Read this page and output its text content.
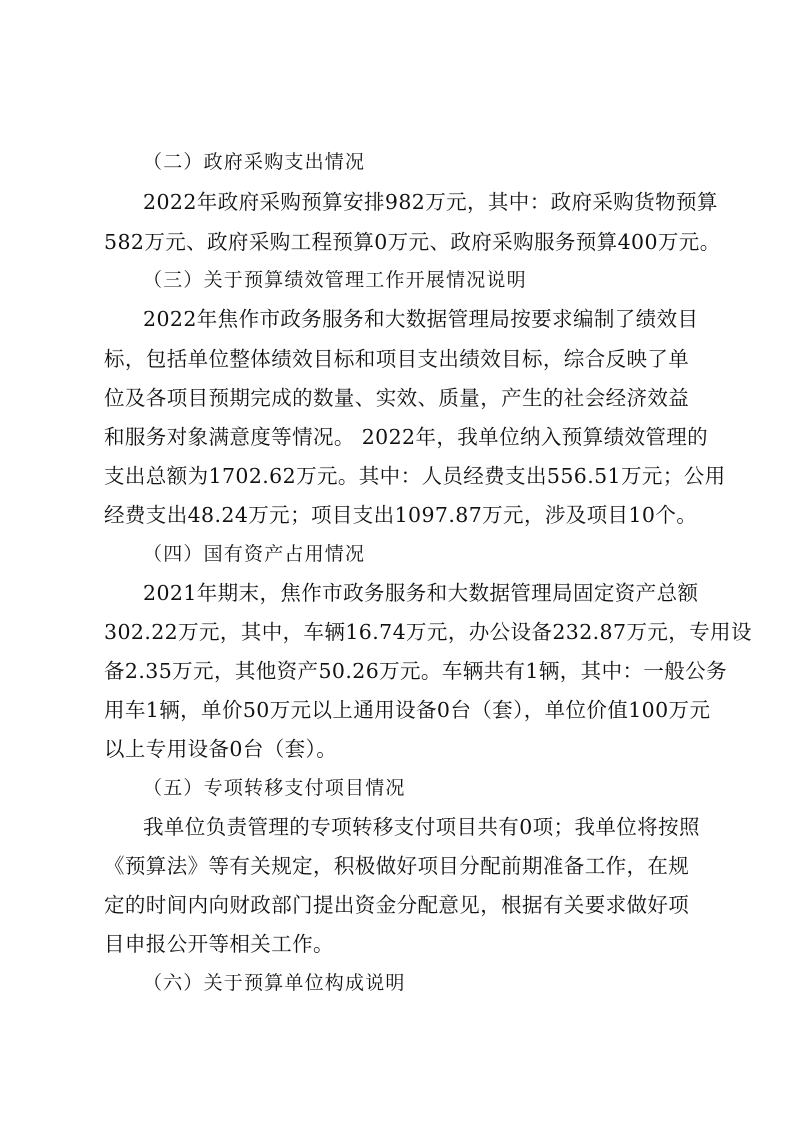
（二）政府采购支出情况
2022年政府采购预算安排982万元，其中：政府采购货物预算
582万元、政府采购工程预算0万元、政府采购服务预算400万元。
（三）关于预算绩效管理工作开展情况说明
2022年焦作市政务服务和大数据管理局按要求编制了绩效目
标，包括单位整体绩效目标和项目支出绩效目标，综合反映了单
位及各项目预期完成的数量、实效、质量，产生的社会经济效益
和服务对象满意度等情况。 2022年，我单位纳入预算绩效管理的
支出总额为1702.62万元。其中：人员经费支出556.51万元；公用
经费支出48.24万元；项目支出1097.87万元，涉及项目10个。
（四）国有资产占用情况
2021年期末，焦作市政务服务和大数据管理局固定资产总额
302.22万元，其中，车辆16.74万元，办公设备232.87万元，专用设
备2.35万元，其他资产50.26万元。车辆共有1辆，其中：一般公务
用车1辆，单价50万元以上通用设备0台（套），单位价值100万元
以上专用设备0台（套）。
（五）专项转移支付项目情况
我单位负责管理的专项转移支付项目共有0项；我单位将按照
《预算法》等有关规定，积极做好项目分配前期准备工作，在规
定的时间内向财政部门提出资金分配意见，根据有关要求做好项
目申报公开等相关工作。
（六）关于预算单位构成说明
